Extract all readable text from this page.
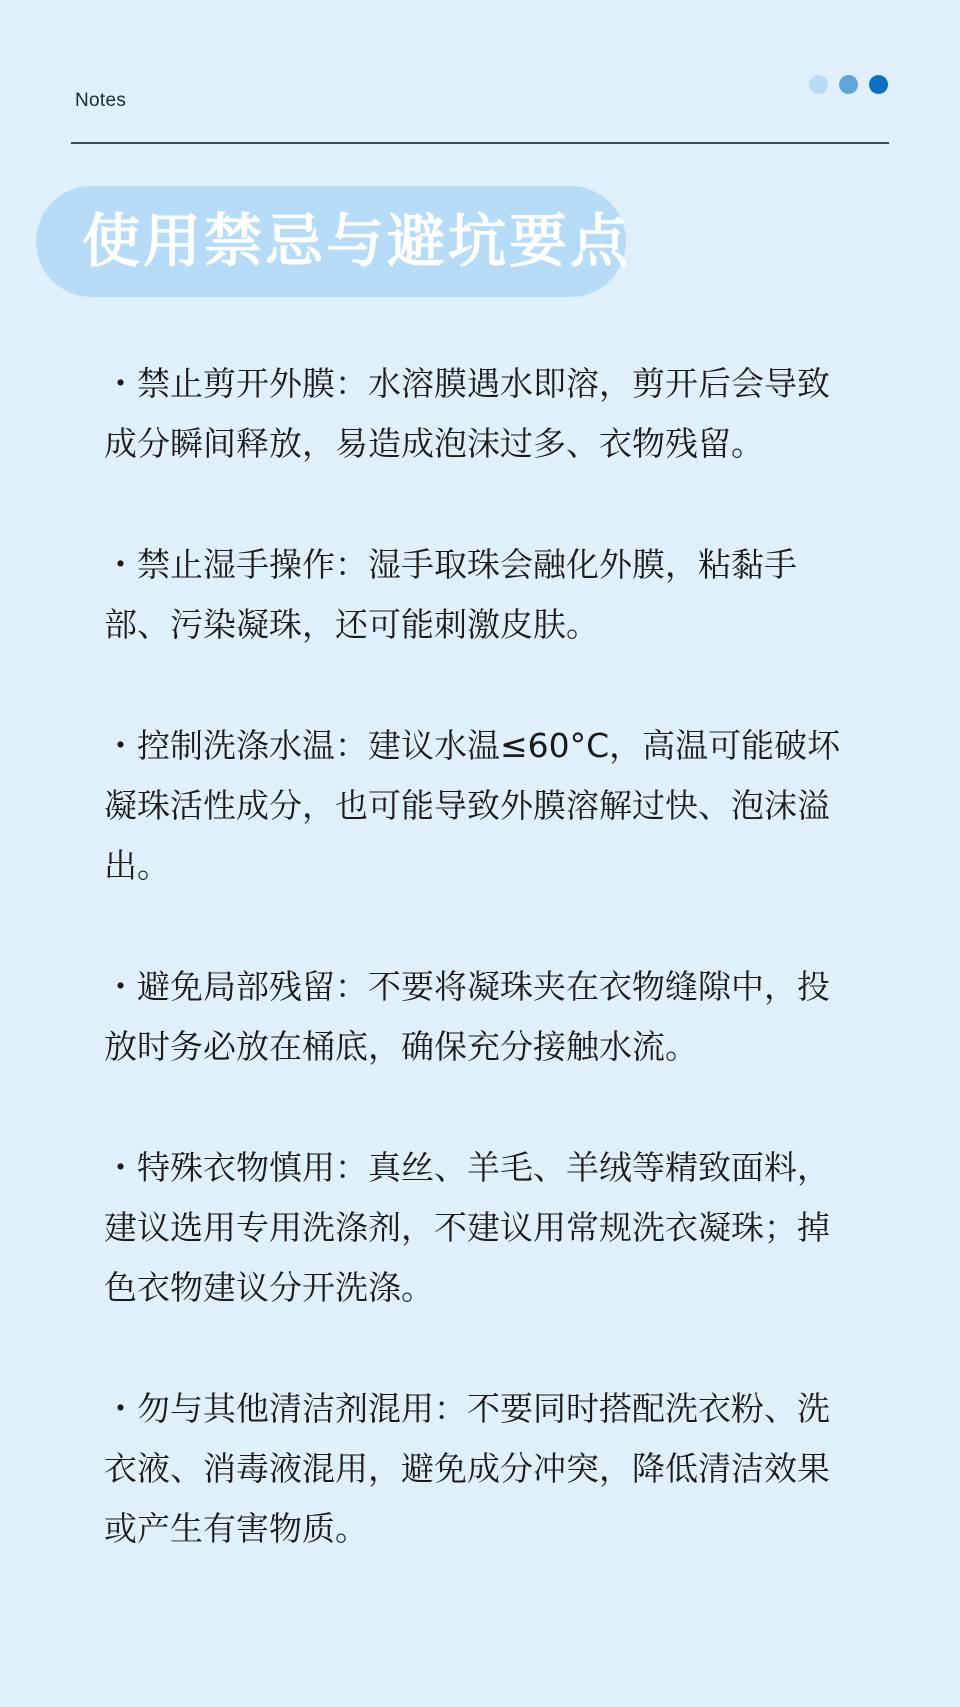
Notes
使用禁忌与避坑要点
・禁止剪开外膜：水溶膜遇水即溶，剪开后会导致成分瞬间释放，易造成泡沫过多、衣物残留。
・禁止湿手操作：湿手取珠会融化外膜，粘黏手部、污染凝珠，还可能刺激皮肤。
・控制洗涤水温：建议水温≤60°C，高温可能破坏凝珠活性成分，也可能导致外膜溶解过快、泡沫溢出。
・避免局部残留：不要将凝珠夹在衣物缝隙中，投放时务必放在桶底，确保充分接触水流。
・特殊衣物慎用：真丝、羊毛、羊绒等精致面料，建议选用专用洗涤剂，不建议用常规洗衣凝珠；掉色衣物建议分开洗涤。
・勿与其他清洁剂混用：不要同时搭配洗衣粉、洗衣液、消毒液混用，避免成分冲突，降低清洁效果或产生有害物质。
